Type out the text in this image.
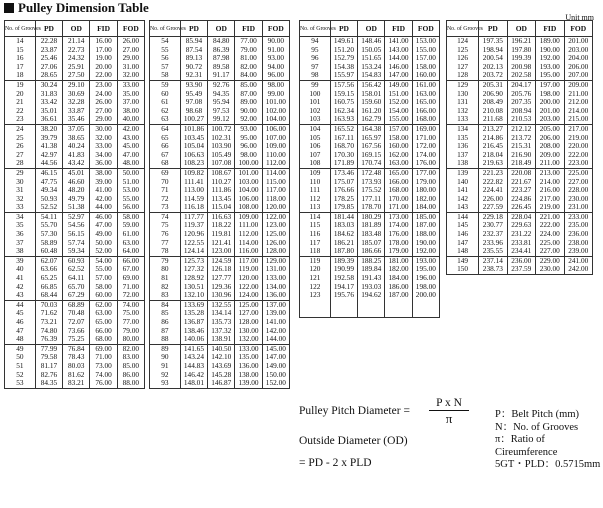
Pulley Dimension Table
Unit mm
No. of Grooves	PD	OD	FID	FOD
14	22.28	21.14	16.00	26.00
15	23.87	22.73	17.00	27.00
16	25.46	24.32	19.00	29.00
17	27.06	25.91	20.00	31.00
18	28.65	27.50	22.00	32.00
19	30.24	29.10	23.00	33.00
20	31.83	30.69	24.00	35.00
21	33.42	32.28	26.00	37.00
22	35.01	33.87	27.00	38.00
23	36.61	35.46	29.00	40.00
24	38.20	37.05	30.00	42.00
25	39.79	38.65	32.00	43.00
26	41.38	40.24	33.00	45.00
27	42.97	41.83	34.00	47.00
28	44.56	43.42	36.00	48.00
29	46.15	45.01	38.00	50.00
30	47.75	46.60	39.00	51.00
31	49.34	48.20	41.00	53.00
32	50.93	49.79	42.00	55.00
33	52.52	51.38	44.00	56.00
34	54.11	52.97	46.00	58.00
35	55.70	54.56	47.00	59.00
36	57.30	56.15	49.00	61.00
37	58.89	57.74	50.00	63.00
38	60.48	59.34	52.00	64.00
39	62.07	60.93	54.00	66.00
40	63.66	62.52	55.00	67.00
41	65.25	64.11	57.00	69.00
42	66.85	65.70	58.00	71.00
43	68.44	67.29	60.00	72.00
44	70.03	68.89	62.00	74.00
45	71.62	70.48	63.00	75.00
46	73.21	72.07	65.00	77.00
47	74.80	73.66	66.00	79.00
48	76.39	75.25	68.00	80.00
49	77.99	76.84	69.00	82.00
50	79.58	78.43	71.00	83.00
51	81.17	80.03	73.00	85.00
52	82.76	81.62	74.00	86.00
53	84.35	83.21	76.00	88.00
No. of Grooves	PD	OD	FID	FOD
54	85.94	84.80	77.00	90.00
55	87.54	86.39	79.00	91.00
56	89.13	87.98	81.00	93.00
57	90.72	89.58	82.00	94.00
58	92.31	91.17	84.00	96.00
59	93.90	92.76	85.00	98.00
60	95.49	94.35	87.00	99.00
61	97.08	95.94	89.00	101.00
62	98.68	97.53	90.00	102.00
63	100.27	99.12	92.00	104.00
64	101.86	100.72	93.00	106.00
65	103.45	102.31	95.00	107.00
66	105.04	103.90	96.00	109.00
67	106.63	105.49	98.00	110.00
68	108.23	107.08	100.00	112.00
69	109.82	108.67	101.00	114.00
70	111.41	110.27	103.00	115.00
71	113.00	111.86	104.00	117.00
72	114.59	113.45	106.00	118.00
73	116.18	115.04	108.00	120.00
74	117.77	116.63	109.00	122.00
75	119.37	118.22	111.00	123.00
76	120.96	119.81	112.00	125.00
77	122.55	121.41	114.00	126.00
78	124.14	123.00	116.00	128.00
79	125.73	124.59	117.00	129.00
80	127.32	126.18	119.00	131.00
81	128.92	127.77	120.00	133.00
82	130.51	129.36	122.00	134.00
83	132.10	130.96	124.00	136.00
84	133.69	132.55	125.00	137.00
85	135.28	134.14	127.00	139.00
86	136.87	135.73	128.00	141.00
87	138.46	137.32	130.00	142.00
88	140.06	138.91	132.00	144.00
89	141.65	140.50	133.00	145.00
90	143.24	142.10	135.00	147.00
91	144.83	143.69	136.00	149.00
92	146.42	145.28	138.00	150.00
93	148.01	146.87	139.00	152.00
No. of Grooves	PD	OD	FID	FOD
94	149.61	148.46	141.00	153.00
95	151.20	150.05	143.00	155.00
96	152.79	151.65	144.00	157.00
97	154.38	153.24	146.00	158.00
98	155.97	154.83	147.00	160.00
99	157.56	156.42	149.00	161.00
100	159.15	158.01	151.00	163.00
101	160.75	159.60	152.00	165.00
102	162.34	161.20	154.00	166.00
103	163.93	162.79	155.00	168.00
104	165.52	164.38	157.00	169.00
105	167.11	165.97	158.00	171.00
106	168.70	167.56	160.00	172.00
107	170.30	169.15	162.00	174.00
108	171.89	170.74	163.00	176.00
109	173.46	172.48	165.00	177.00
110	175.07	173.93	166.00	179.00
111	176.66	175.52	168.00	180.00
112	178.25	177.11	170.00	182.00
113	179.85	178.70	171.00	184.00
114	181.44	180.29	173.00	185.00
115	183.03	181.89	174.00	187.00
116	184.62	183.48	176.00	188.00
117	186.21	185.07	178.00	190.00
118	187.80	186.66	179.00	192.00
119	189.39	188.25	181.00	193.00
120	190.99	189.84	182.00	195.00
121	192.58	191.43	184.00	196.00
122	194.17	193.03	186.00	198.00
123	195.76	194.62	187.00	200.00

No. of Grooves	PD	OD	FID	FOD
124	197.35	196.21	189.00	201.00
125	198.94	197.80	190.00	203.00
126	200.54	199.39	192.00	204.00
127	202.13	200.98	193.00	206.00
128	203.72	202.58	195.00	207.00
129	205.31	204.17	197.00	209.00
130	206.90	205.76	198.00	211.00
131	208.49	207.35	200.00	212.00
132	210.08	208.94	201.00	214.00
133	211.68	210.53	203.00	215.00
134	213.27	212.12	205.00	217.00
135	214.86	213.72	206.00	219.00
136	216.45	215.31	208.00	220.00
137	218.04	216.90	209.00	222.00
138	219.63	218.49	211.00	223.00
139	221.23	220.08	213.00	225.00
140	222.82	221.67	214.00	227.00
141	224.41	223.27	216.00	228.00
142	226.00	224.86	217.00	230.00
143	227.59	226.45	219.00	231.00
144	229.18	228.04	221.00	233.00
145	230.77	229.63	222.00	235.00
146	232.37	231.22	224.00	236.00
147	233.96	233.81	225.00	238.00
148	235.55	234.41	227.00	239.00
149	237.14	236.00	229.00	241.00
150	238.73	237.59	230.00	242.00
Pulley Pitch Diameter = $\frac{\text{P x N}}{\pi}$
Outside Diameter (OD)
= PD - 2 x PLD
P：Belt Pitch (mm)
N：No. of Grooves
π：Ratio of Cireumference
5GT・PLD：0.5715mm
